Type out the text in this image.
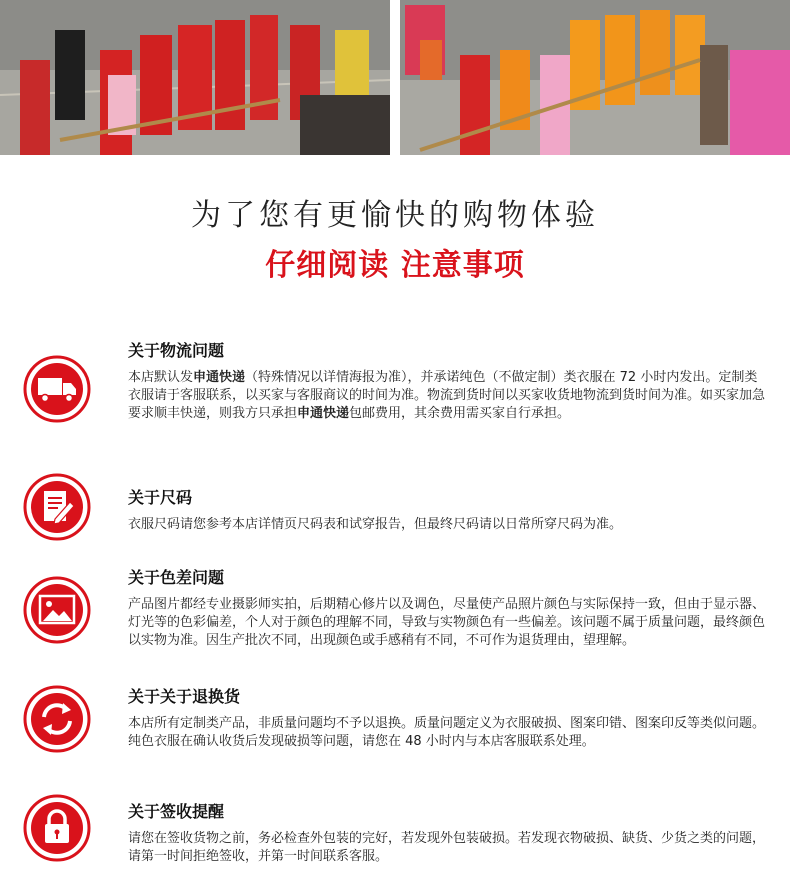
为了您有更愉快的购物体验
仔细阅读 注意事项
关于物流问题

本店默认发申通快递（特殊情况以详情海报为准），并承诺纯色（不做定制）类衣服在 72 小时内发出。定制类衣服请于客服联系，以买家与客服商议的时间为准。物流到货时间以买家收货地物流到货时间为准。如买家加急要求顺丰快递，则我方只承担申通快递包邮费用，其余费用需买家自行承担。

关于尺码

衣服尺码请您参考本店详情页尺码表和试穿报告，但最终尺码请以日常所穿尺码为准。

关于色差问题

产品图片都经专业摄影师实拍，后期精心修片以及调色，尽量使产品照片颜色与实际保持一致，但由于显示器、灯光等的色彩偏差，个人对于颜色的理解不同，导致与实物颜色有一些偏差。该问题不属于质量问题，最终颜色以实物为准。因生产批次不同，出现颜色或手感稍有不同，不可作为退货理由，望理解。

关于关于退换货

本店所有定制类产品，非质量问题均不予以退换。质量问题定义为衣服破损、图案印错、图案印反等类似问题。纯色衣服在确认收货后发现破损等问题，请您在 48 小时内与本店客服联系处理。

关于签收提醒

请您在签收货物之前，务必检查外包装的完好，若发现外包装破损。若发现衣物破损、缺货、少货之类的问题，请第一时间拒绝签收，并第一时间联系客服。
